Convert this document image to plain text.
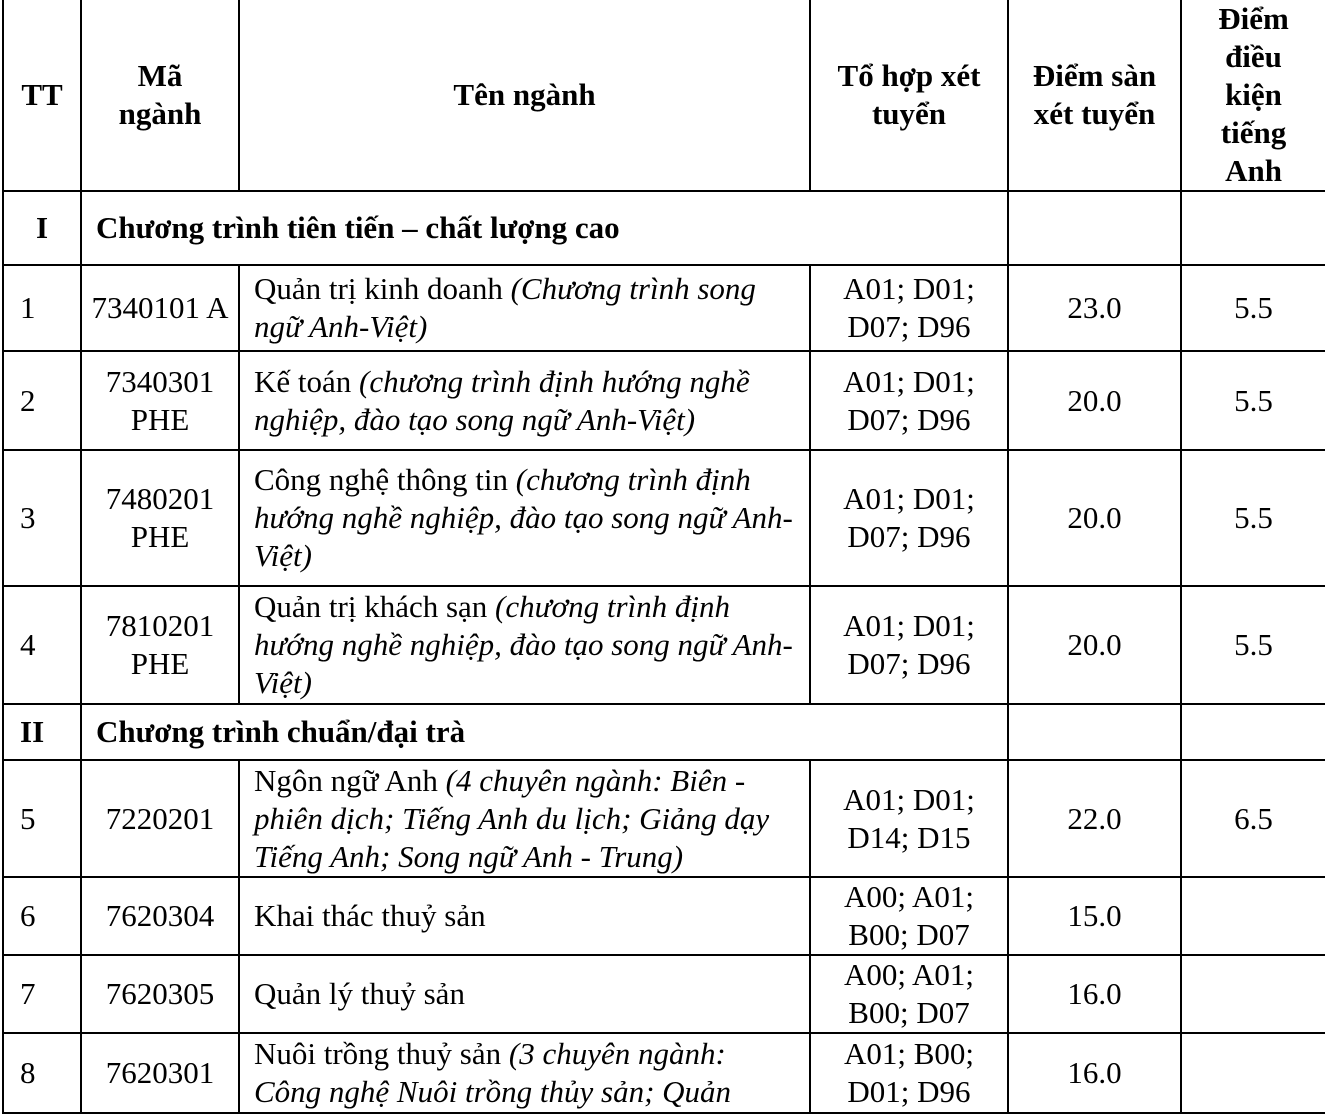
TT	Mã ngành	Tên ngành	Tổ hợp xét tuyển	Điểm sàn xét tuyển	Điểm điều kiện tiếng Anh
I	Chương trình tiên tiến – chất lượng cao				
1	7340101 A	Quản trị kinh doanh (Chương trình song ngữ Anh-Việt)	A01; D01; D07; D96	23.0	5.5
2	7340301 PHE	Kế toán (chương trình định hướng nghề nghiệp, đào tạo song ngữ Anh-Việt)	A01; D01; D07; D96	20.0	5.5
3	7480201 PHE	Công nghệ thông tin (chương trình định hướng nghề nghiệp, đào tạo song ngữ Anh-Việt)	A01; D01; D07; D96	20.0	5.5
4	7810201 PHE	Quản trị khách sạn (chương trình định hướng nghề nghiệp, đào tạo song ngữ Anh-Việt)	A01; D01; D07; D96	20.0	5.5
II	Chương trình chuẩn/đại trà				
5	7220201	Ngôn ngữ Anh (4 chuyên ngành: Biên - phiên dịch; Tiếng Anh du lịch; Giảng dạy Tiếng Anh; Song ngữ Anh - Trung)	A01; D01; D14; D15	22.0	6.5
6	7620304	Khai thác thuỷ sản	A00; A01; B00; D07	15.0	
7	7620305	Quản lý thuỷ sản	A00; A01; B00; D07	16.0	
8	7620301	Nuôi trồng thuỷ sản (3 chuyên ngành: Công nghệ Nuôi trồng thủy sản; Quản	A01; B00; D01; D96	16.0	
